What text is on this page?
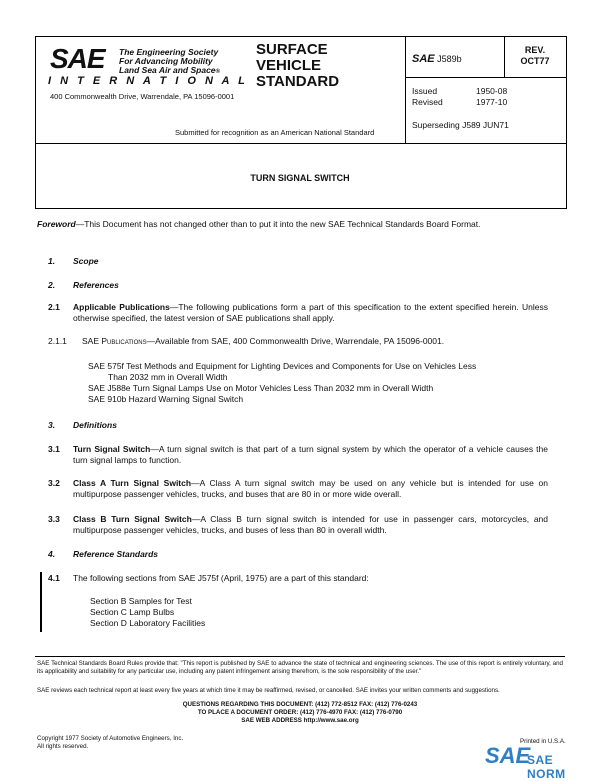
SAE The Engineering Society
For Advancing Mobility
Land Sea Air and Space®
I N T E R N A T I O N A L
400 Commonwealth Drive, Warrendale, PA 15096-0001
SURFACE
VEHICLE
STANDARD
SAE J589b
REV.
OCT77
Issued	1950-08
Revised	1977-10
Superseding J589 JUN71
Submitted for recognition as an American National Standard
TURN SIGNAL SWITCH
Foreword—This Document has not changed other than to put it into the new SAE Technical Standards Board Format.
1. Scope
2. References
2.1 Applicable Publications—The following publications form a part of this specification to the extent specified herein. Unless otherwise specified, the latest version of SAE publications shall apply.
2.1.1 SAE Publications—Available from SAE, 400 Commonwealth Drive, Warrendale, PA 15096-0001.
SAE 575f Test Methods and Equipment for Lighting Devices and Components for Use on Vehicles Less
Than 2032 mm in Overall Width
SAE J588e Turn Signal Lamps Use on Motor Vehicles Less Than 2032 mm in Overall Width
SAE 910b Hazard Warning Signal Switch
3. Definitions
3.1 Turn Signal Switch—A turn signal switch is that part of a turn signal system by which the operator of a vehicle causes the turn signal lamps to function.
3.2 Class A Turn Signal Switch—A Class A turn signal switch may be used on any vehicle but is intended for use on multipurpose passenger vehicles, trucks, and buses that are 80 in or more wide overall.
3.3 Class B Turn Signal Switch—A Class B turn signal switch is intended for use in passenger cars, motorcycles, and multipurpose passenger vehicles, trucks, and buses of less than 80 in overall width.
4. Reference Standards
4.1 The following sections from SAE J575f (April, 1975) are a part of this standard:
Section B Samples for Test
Section C Lamp Bulbs
Section D Laboratory Facilities
SAE Technical Standards Board Rules provide that: "This report is published by SAE to advance the state of technical and engineering sciences. The use of this report is entirely voluntary, and its applicability and suitability for any particular use, including any patent infringement arising therefrom, is the sole responsibility of the user."
SAE reviews each technical report at least every five years at which time it may be reaffirmed, revised, or cancelled. SAE invites your written comments and suggestions.
QUESTIONS REGARDING THIS DOCUMENT: (412) 772-8512 FAX: (412) 776-0243
TO PLACE A DOCUMENT ORDER: (412) 776-4970 FAX: (412) 776-0790
SAE WEB ADDRESS http://www.sae.org
Copyright 1977 Society of Automotive Engineers, Inc.
All rights reserved.
Printed in U.S.A.
SAE
SAE NORM
